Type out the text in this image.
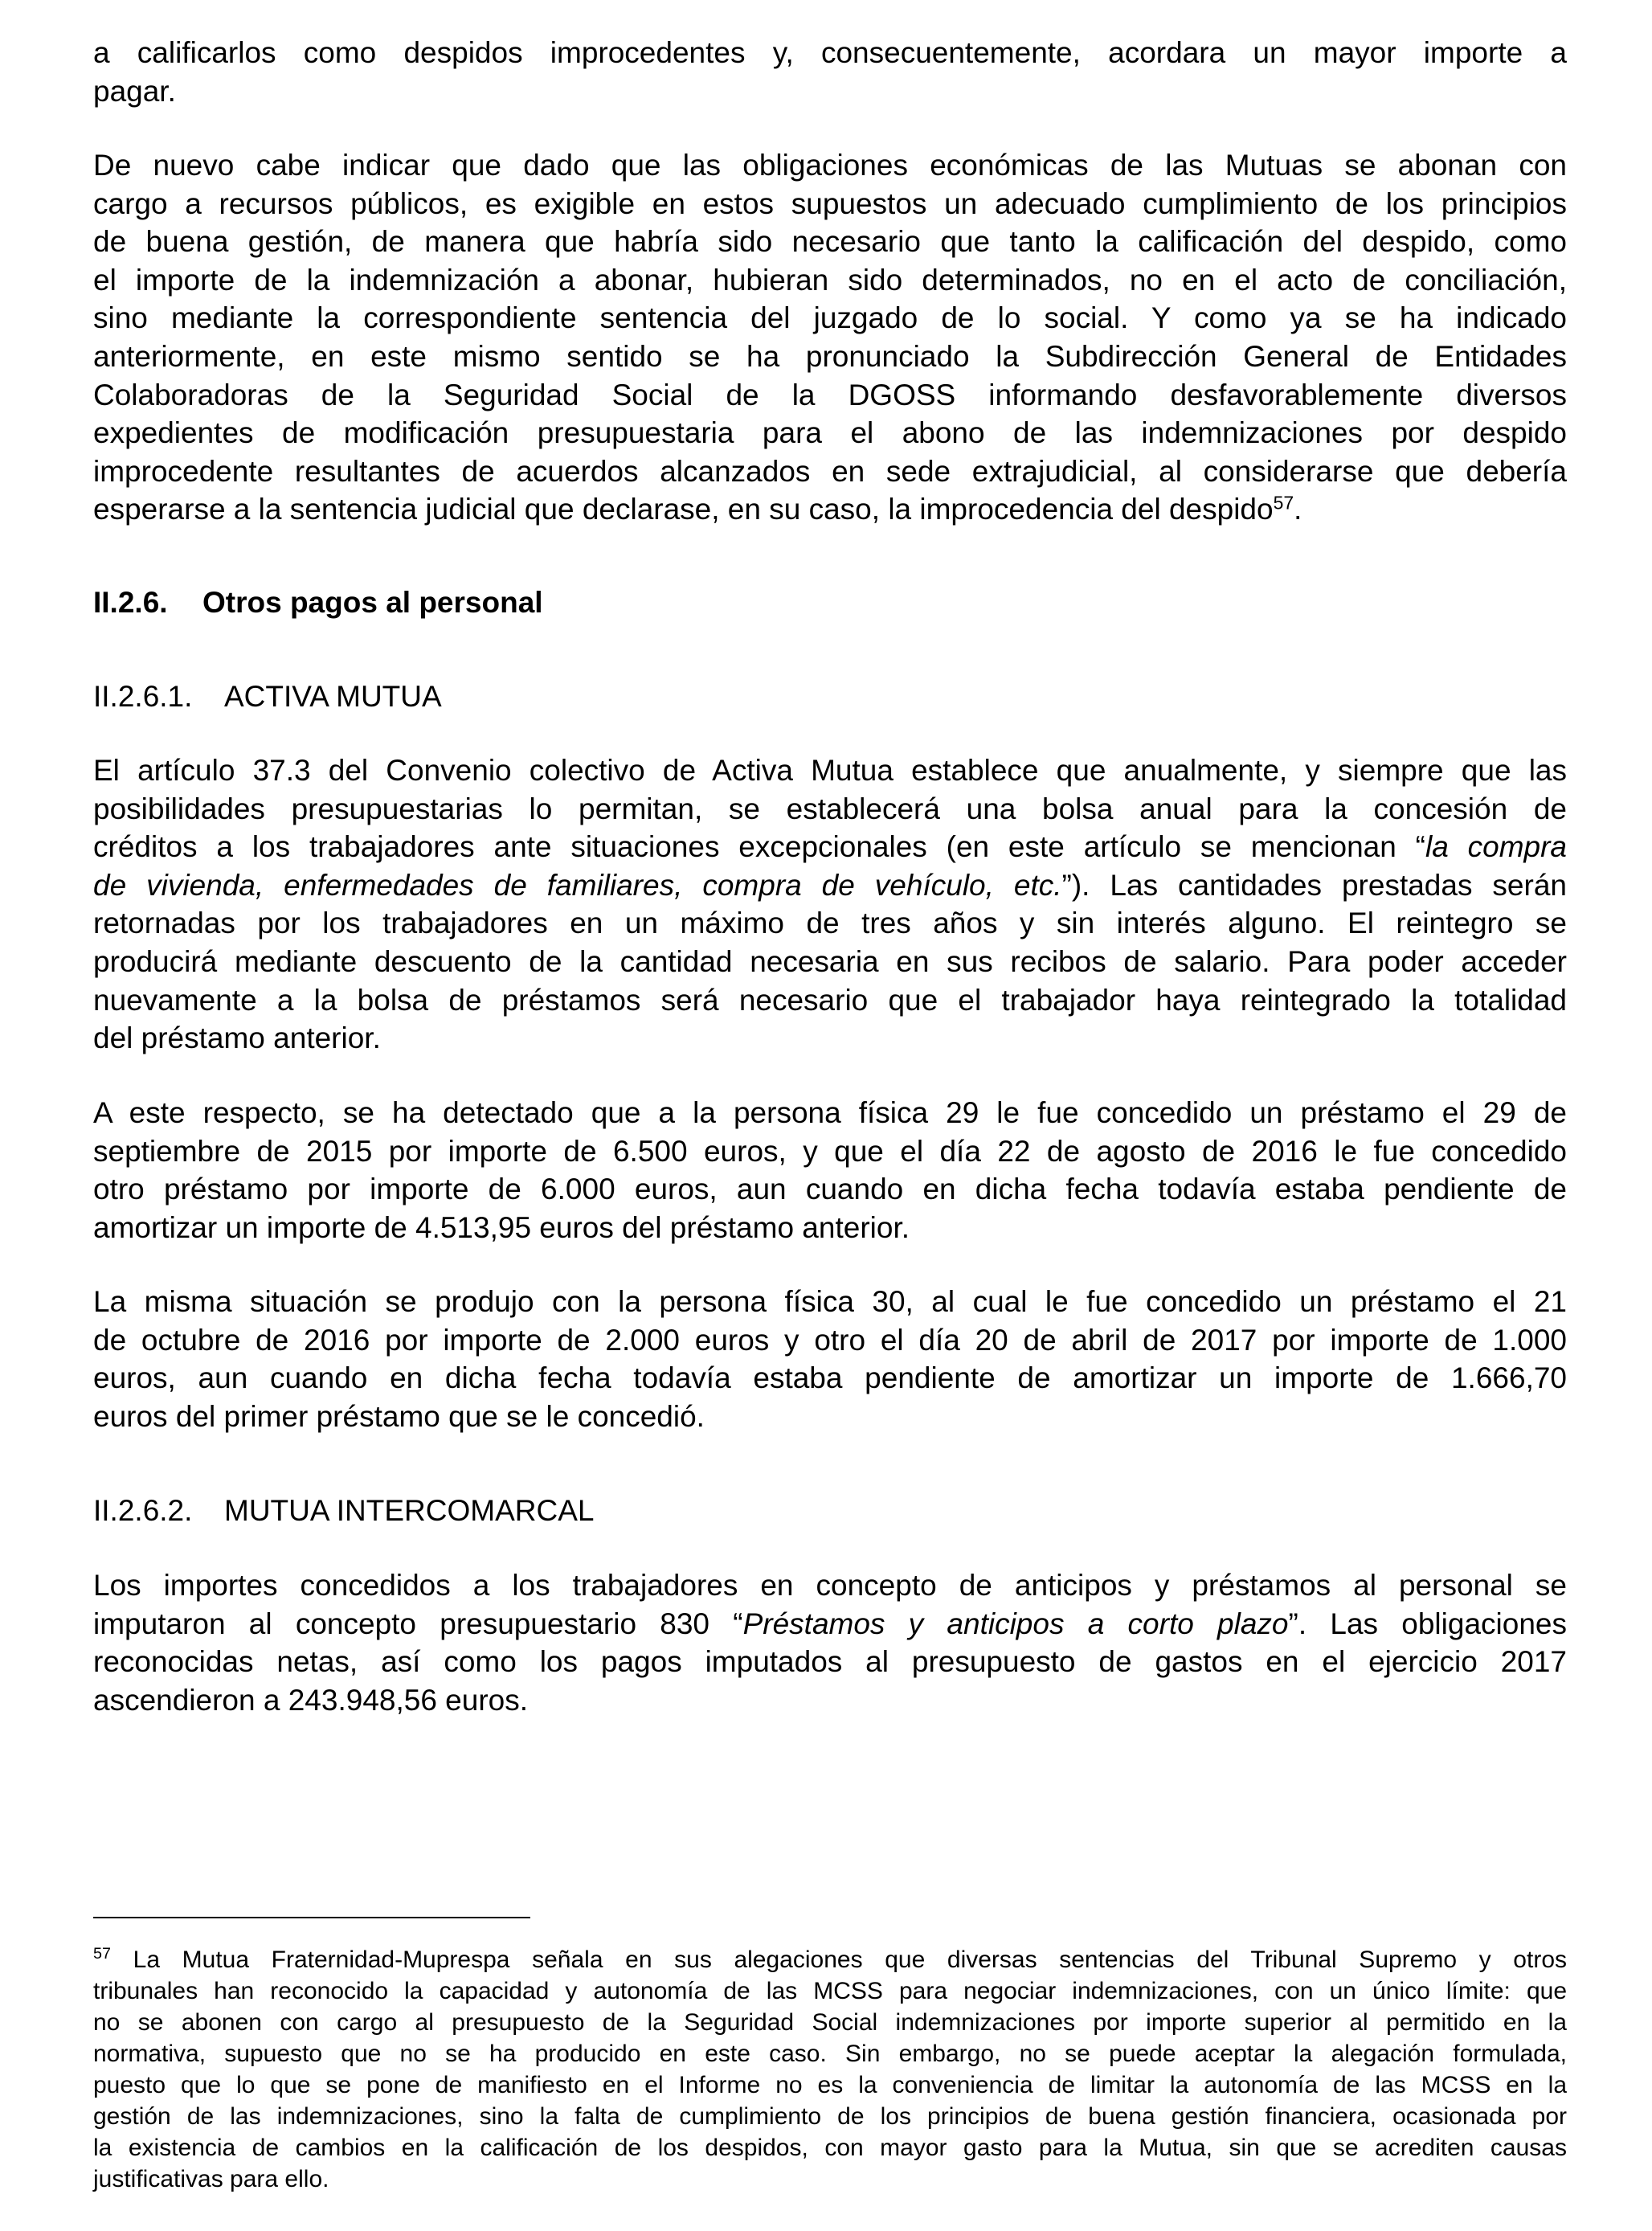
a calificarlos como despidos improcedentes y, consecuentemente, acordara un mayor importe a
pagar.
De nuevo cabe indicar que dado que las obligaciones económicas de las Mutuas se abonan con
cargo a recursos públicos, es exigible en estos supuestos un adecuado cumplimiento de los principios
de buena gestión, de manera que habría sido necesario que tanto la calificación del despido, como
el importe de la indemnización a abonar, hubieran sido determinados, no en el acto de conciliación,
sino mediante la correspondiente sentencia del juzgado de lo social. Y como ya se ha indicado
anteriormente, en este mismo sentido se ha pronunciado la Subdirección General de Entidades
Colaboradoras de la Seguridad Social de la DGOSS informando desfavorablemente diversos
expedientes de modificación presupuestaria para el abono de las indemnizaciones por despido
improcedente resultantes de acuerdos alcanzados en sede extrajudicial, al considerarse que debería
esperarse a la sentencia judicial que declarase, en su caso, la improcedencia del despido$^{57}$.
II.2.6. Otros pagos al personal
II.2.6.1. ACTIVA MUTUA
El artículo 37.3 del Convenio colectivo de Activa Mutua establece que anualmente, y siempre que las
posibilidades presupuestarias lo permitan, se establecerá una bolsa anual para la concesión de
créditos a los trabajadores ante situaciones excepcionales (en este artículo se mencionan “la compra
de vivienda, enfermedades de familiares, compra de vehículo, etc.”). Las cantidades prestadas serán
retornadas por los trabajadores en un máximo de tres años y sin interés alguno. El reintegro se
producirá mediante descuento de la cantidad necesaria en sus recibos de salario. Para poder acceder
nuevamente a la bolsa de préstamos será necesario que el trabajador haya reintegrado la totalidad
del préstamo anterior.
A este respecto, se ha detectado que a la persona física 29 le fue concedido un préstamo el 29 de
septiembre de 2015 por importe de 6.500 euros, y que el día 22 de agosto de 2016 le fue concedido
otro préstamo por importe de 6.000 euros, aun cuando en dicha fecha todavía estaba pendiente de
amortizar un importe de 4.513,95 euros del préstamo anterior.
La misma situación se produjo con la persona física 30, al cual le fue concedido un préstamo el 21
de octubre de 2016 por importe de 2.000 euros y otro el día 20 de abril de 2017 por importe de 1.000
euros, aun cuando en dicha fecha todavía estaba pendiente de amortizar un importe de 1.666,70
euros del primer préstamo que se le concedió.
II.2.6.2. MUTUA INTERCOMARCAL
Los importes concedidos a los trabajadores en concepto de anticipos y préstamos al personal se
imputaron al concepto presupuestario 830 “Préstamos y anticipos a corto plazo”. Las obligaciones
reconocidas netas, así como los pagos imputados al presupuesto de gastos en el ejercicio 2017
ascendieron a 243.948,56 euros.
$^{57}$ La Mutua Fraternidad-Muprespa señala en sus alegaciones que diversas sentencias del Tribunal Supremo y otros
tribunales han reconocido la capacidad y autonomía de las MCSS para negociar indemnizaciones, con un único límite: que
no se abonen con cargo al presupuesto de la Seguridad Social indemnizaciones por importe superior al permitido en la
normativa, supuesto que no se ha producido en este caso. Sin embargo, no se puede aceptar la alegación formulada,
puesto que lo que se pone de manifiesto en el Informe no es la conveniencia de limitar la autonomía de las MCSS en la
gestión de las indemnizaciones, sino la falta de cumplimiento de los principios de buena gestión financiera, ocasionada por
la existencia de cambios en la calificación de los despidos, con mayor gasto para la Mutua, sin que se acrediten causas
justificativas para ello.
